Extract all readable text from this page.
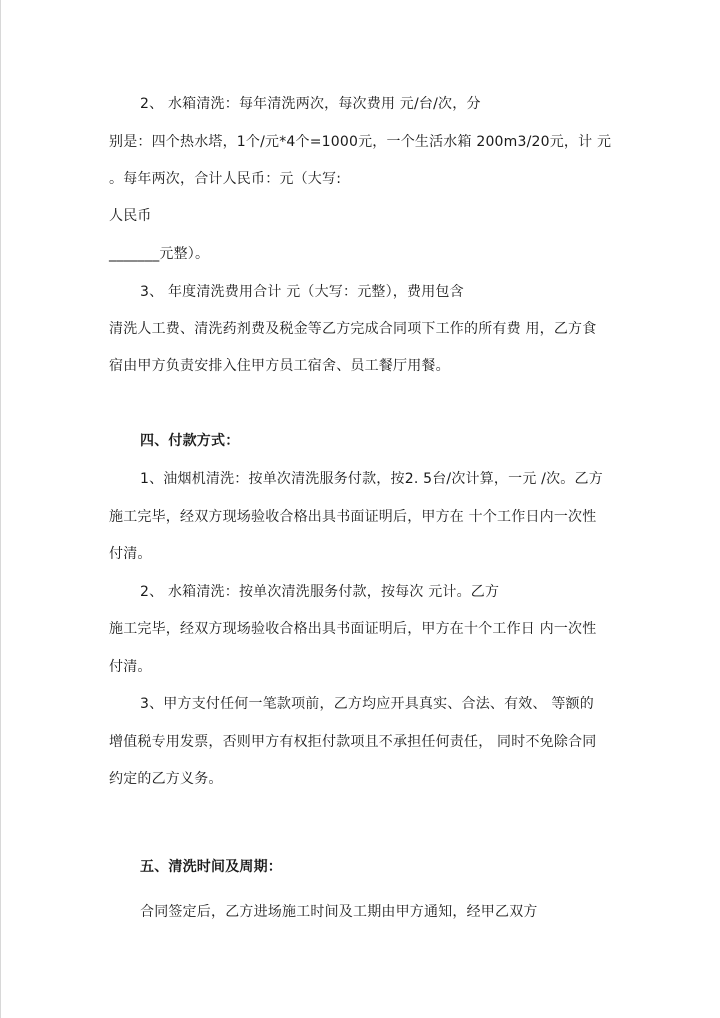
2、 水箱清洗：每年清洗两次，每次费用 元/台/次，分
别是：四个热水塔，1个/元*4个=1000元，一个生活水箱 200m3/20元，计 元
。每年两次，合计人民币：元（大写:
人民币
_______元整）。
3、 年度清洗费用合计 元（大写：元整），费用包含
清洗人工费、清洗药剂费及税金等乙方完成合同项下工作的所有费 用，乙方食
宿由甲方负责安排入住甲方员工宿舍、员工餐厅用餐。
四、付款方式：
1、油烟机清洗：按单次清洗服务付款，按2. 5台/次计算，一元 /次。乙方
施工完毕，经双方现场验收合格出具书面证明后，甲方在 十个工作日内一次性
付清。
2、 水箱清洗：按单次清洗服务付款，按每次 元计。乙方
施工完毕，经双方现场验收合格出具书面证明后，甲方在十个工作日 内一次性
付清。
3、甲方支付任何一笔款项前，乙方均应开具真实、合法、有效、 等额的
增值税专用发票，否则甲方有权拒付款项且不承担任何责任， 同时不免除合同
约定的乙方义务。
五、清洗时间及周期：
合同签定后，乙方进场施工时间及工期由甲方通知，经甲乙双方
